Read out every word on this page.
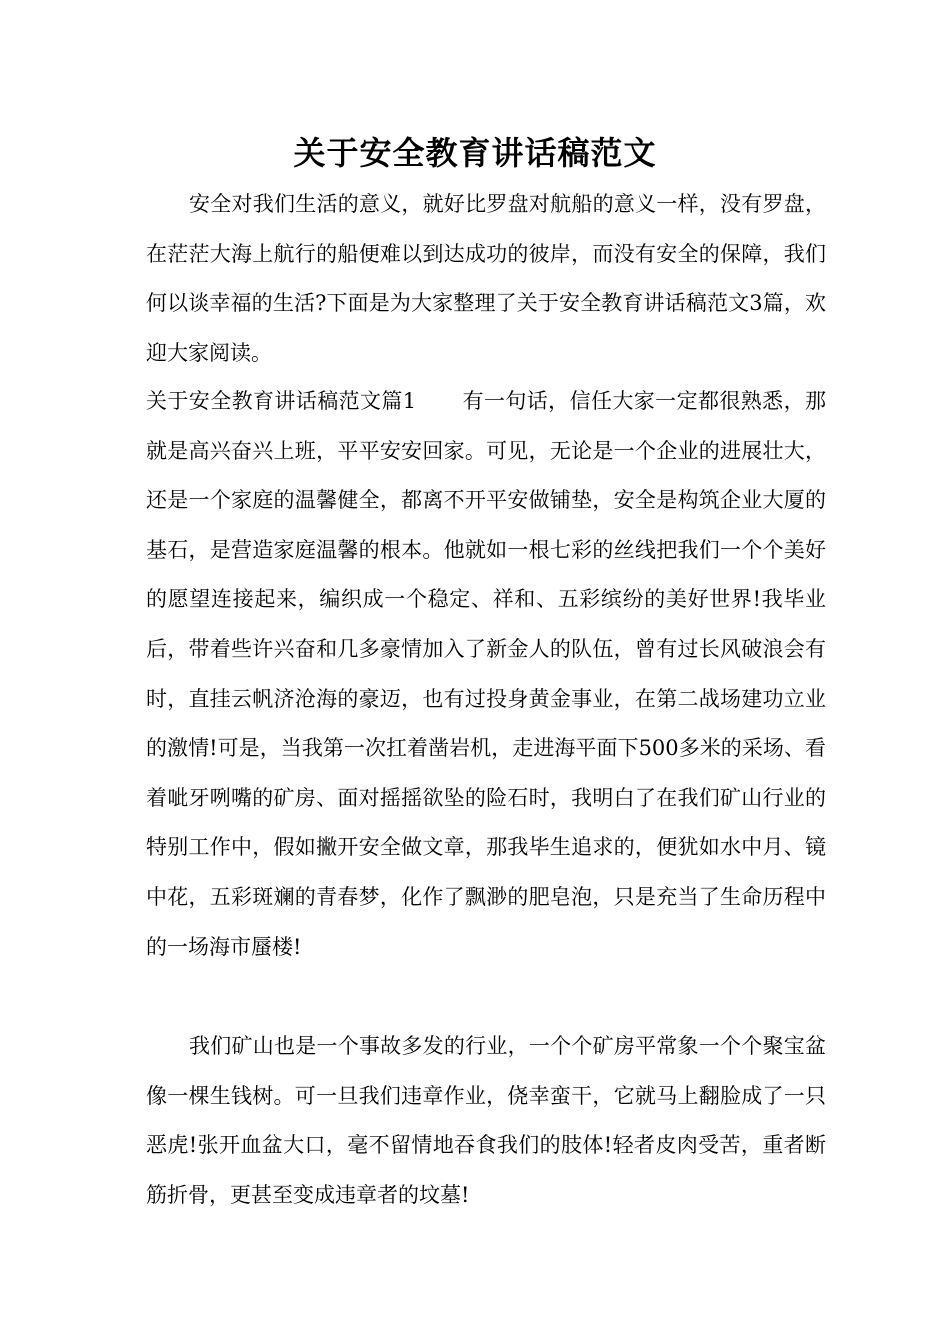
关于安全教育讲话稿范文

安全对我们生活的意义，就好比罗盘对航船的意义一样，没有罗盘，在茫茫大海上航行的船便难以到达成功的彼岸，而没有安全的保障，我们何以谈幸福的生活?下面是为大家整理了关于安全教育讲话稿范文3篇，欢迎大家阅读。

关于安全教育讲话稿范文篇1 有一句话，信任大家一定都很熟悉，那就是高兴奋兴上班，平平安安回家。可见，无论是一个企业的进展壮大，还是一个家庭的温馨健全，都离不开平安做铺垫，安全是构筑企业大厦的基石，是营造家庭温馨的根本。他就如一根七彩的丝线把我们一个个美好的愿望连接起来，编织成一个稳定、祥和、五彩缤纷的美好世界!我毕业后，带着些许兴奋和几多豪情加入了新金人的队伍，曾有过长风破浪会有时，直挂云帆济沧海的豪迈，也有过投身黄金事业，在第二战场建功立业的激情!可是，当我第一次扛着凿岩机，走进海平面下500多米的采场、看着呲牙咧嘴的矿房、面对摇摇欲坠的险石时，我明白了在我们矿山行业的特别工作中，假如撇开安全做文章，那我毕生追求的，便犹如水中月、镜中花，五彩斑斓的青春梦，化作了飘渺的肥皂泡，只是充当了生命历程中的一场海市蜃楼!

我们矿山也是一个事故多发的行业，一个个矿房平常象一个个聚宝盆像一棵生钱树。可一旦我们违章作业，侥幸蛮干，它就马上翻脸成了一只恶虎!张开血盆大口，毫不留情地吞食我们的肢体!轻者皮肉受苦，重者断筋折骨，更甚至变成违章者的坟墓!
